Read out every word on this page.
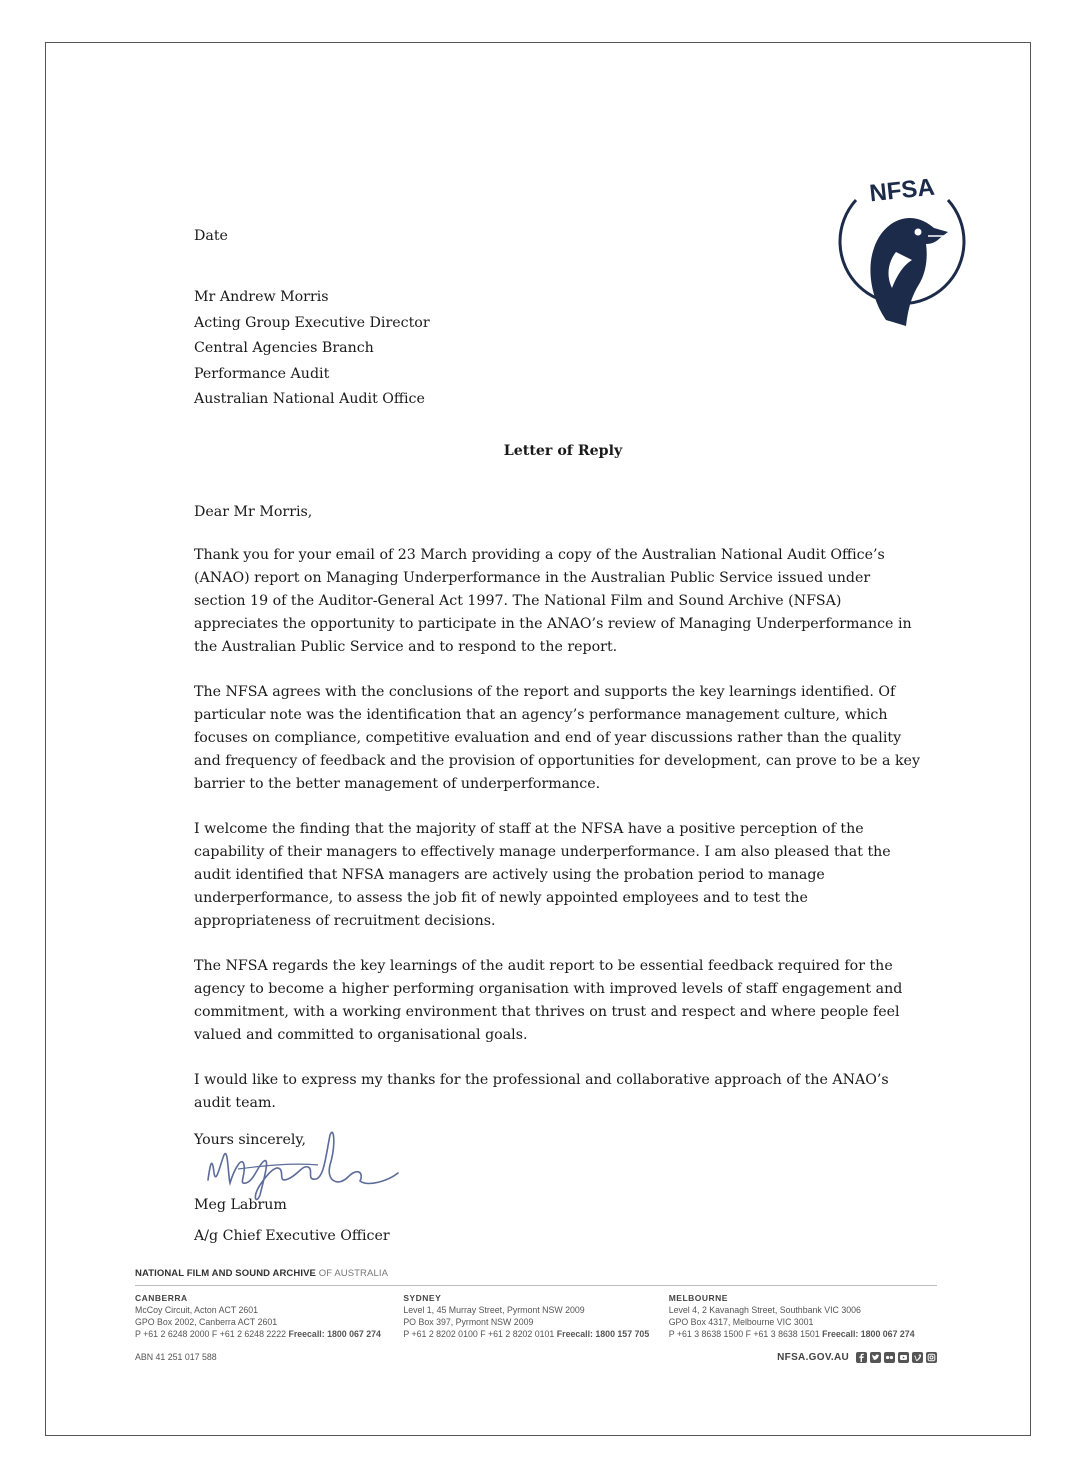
NFSA

Date

Mr Andrew Morris
Acting Group Executive Director
Central Agencies Branch
Performance Audit
Australian National Audit Office

Letter of Reply

Dear Mr Morris,

Thank you for your email of 23 March providing a copy of the Australian National Audit Office’s (ANAO) report on Managing Underperformance in the Australian Public Service issued under section 19 of the Auditor-General Act 1997. The National Film and Sound Archive (NFSA) appreciates the opportunity to participate in the ANAO’s review of Managing Underperformance in the Australian Public Service and to respond to the report.

The NFSA agrees with the conclusions of the report and supports the key learnings identified. Of particular note was the identification that an agency’s performance management culture, which focuses on compliance, competitive evaluation and end of year discussions rather than the quality and frequency of feedback and the provision of opportunities for development, can prove to be a key barrier to the better management of underperformance.

I welcome the finding that the majority of staff at the NFSA have a positive perception of the capability of their managers to effectively manage underperformance. I am also pleased that the audit identified that NFSA managers are actively using the probation period to manage underperformance, to assess the job fit of newly appointed employees and to test the appropriateness of recruitment decisions.

The NFSA regards the key learnings of the audit report to be essential feedback required for the agency to become a higher performing organisation with improved levels of staff engagement and commitment, with a working environment that thrives on trust and respect and where people feel valued and committed to organisational goals.

I would like to express my thanks for the professional and collaborative approach of the ANAO’s audit team.

Yours sincerely,
Meg Labrum
A/g Chief Executive Officer
NATIONAL FILM AND SOUND ARCHIVE OF AUSTRALIA
CANBERRA
McCoy Circuit, Acton ACT 2601
GPO Box 2002, Canberra ACT 2601
P +61 2 6248 2000 F +61 2 6248 2222 Freecall: 1800 067 274
SYDNEY
Level 1, 45 Murray Street, Pyrmont NSW 2009
PO Box 397, Pyrmont NSW 2009
P +61 2 8202 0100 F +61 2 8202 0101 Freecall: 1800 157 705
MELBOURNE
Level 4, 2 Kavanagh Street, Southbank VIC 3006
GPO Box 4317, Melbourne VIC 3001
P +61 3 8638 1500 F +61 3 8638 1501 Freecall: 1800 067 274
ABN 41 251 017 588	NFSA.GOV.AU
